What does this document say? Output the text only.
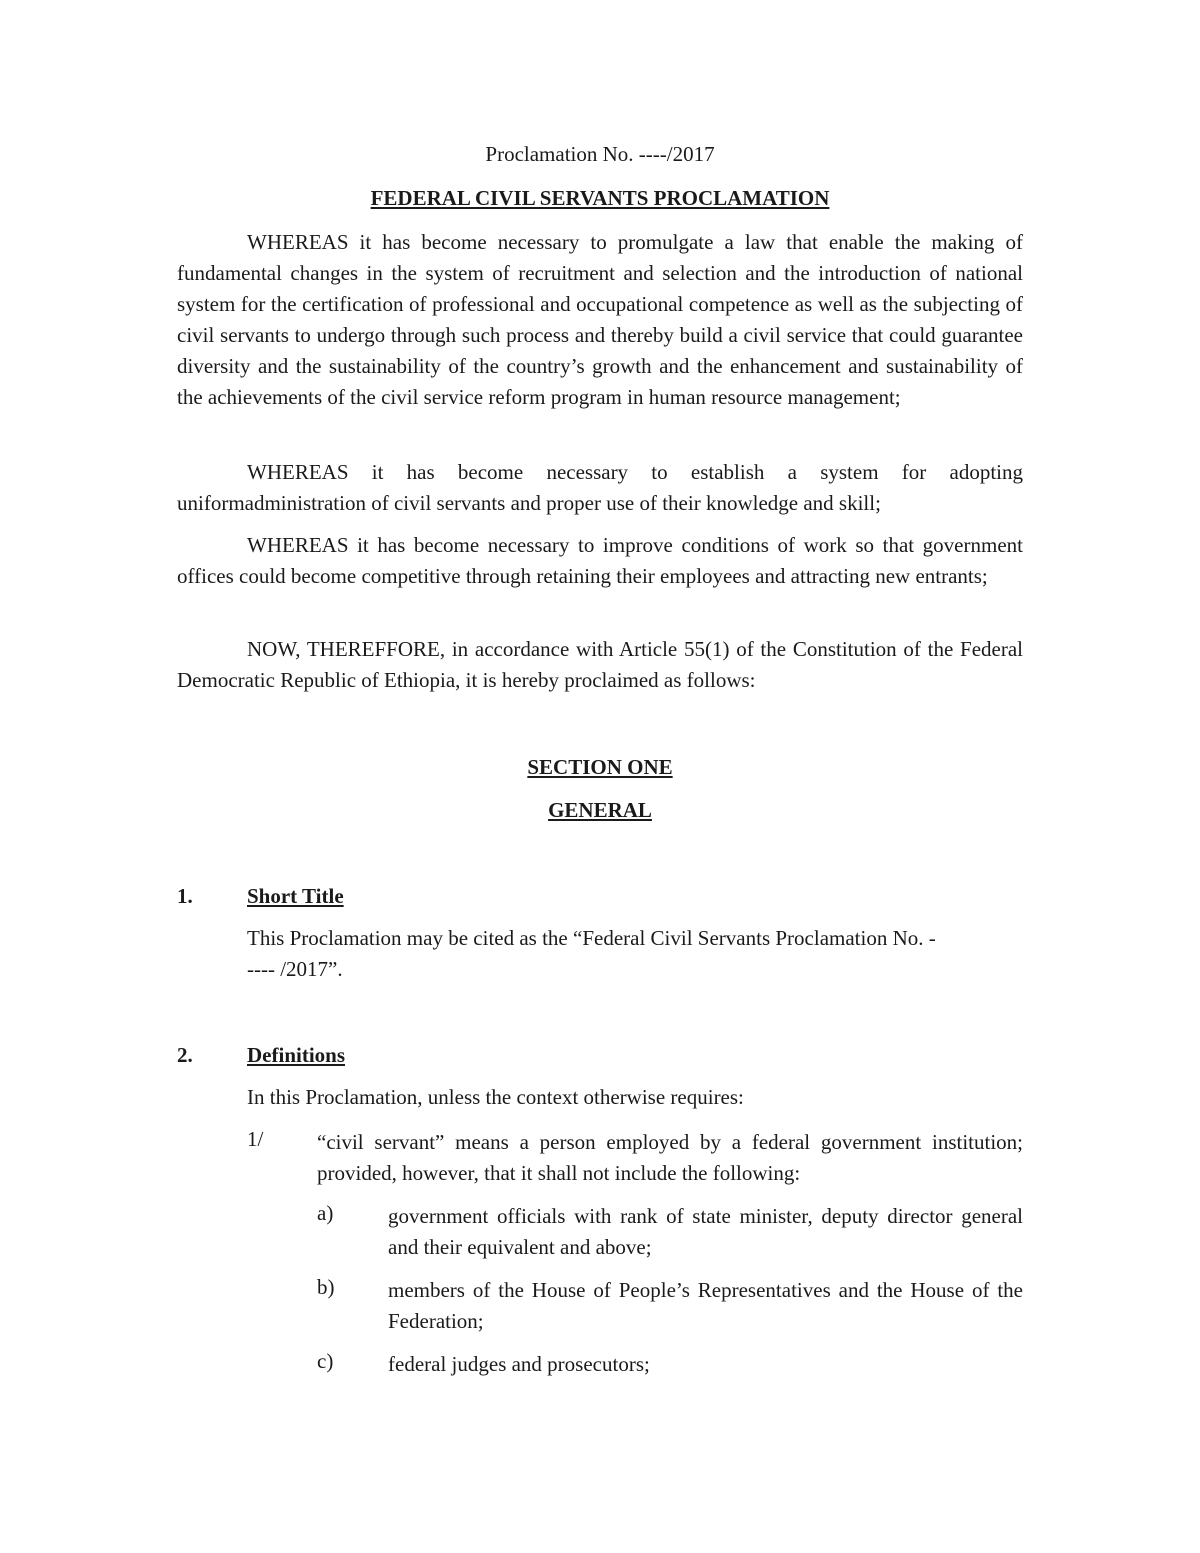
Proclamation No. ----/2017

FEDERAL CIVIL SERVANTS PROCLAMATION

WHEREAS it has become necessary to promulgate a law that enable the making of fundamental changes in the system of recruitment and selection and the introduction of national system for the certification of professional and occupational competence as well as the subjecting of civil servants to undergo through such process and thereby build a civil service that could guarantee diversity and the sustainability of the country’s growth and the enhancement and sustainability of the achievements of the civil service reform program in human resource management;

WHEREAS it has become necessary to establish a system for adopting uniformadministration of civil servants and proper use of their knowledge and skill;

WHEREAS it has become necessary to improve conditions of work so that government offices could become competitive through retaining their employees and attracting new entrants;

NOW, THEREFFORE, in accordance with Article 55(1) of the Constitution of the Federal Democratic Republic of Ethiopia, it is hereby proclaimed as follows:

SECTION ONE

GENERAL

1.	Short Title

This Proclamation may be cited as the “Federal Civil Servants Proclamation No. -

---- /2017”.

2.	Definitions

In this Proclamation, unless the context otherwise requires:

1/	“civil servant” means a person employed by a federal government institution; provided, however, that it shall not include the following:

a)	government officials with rank of state minister, deputy director general and their equivalent and above;

b)	members of the House of People’s Representatives and the House of the Federation;

c)	federal judges and prosecutors;
